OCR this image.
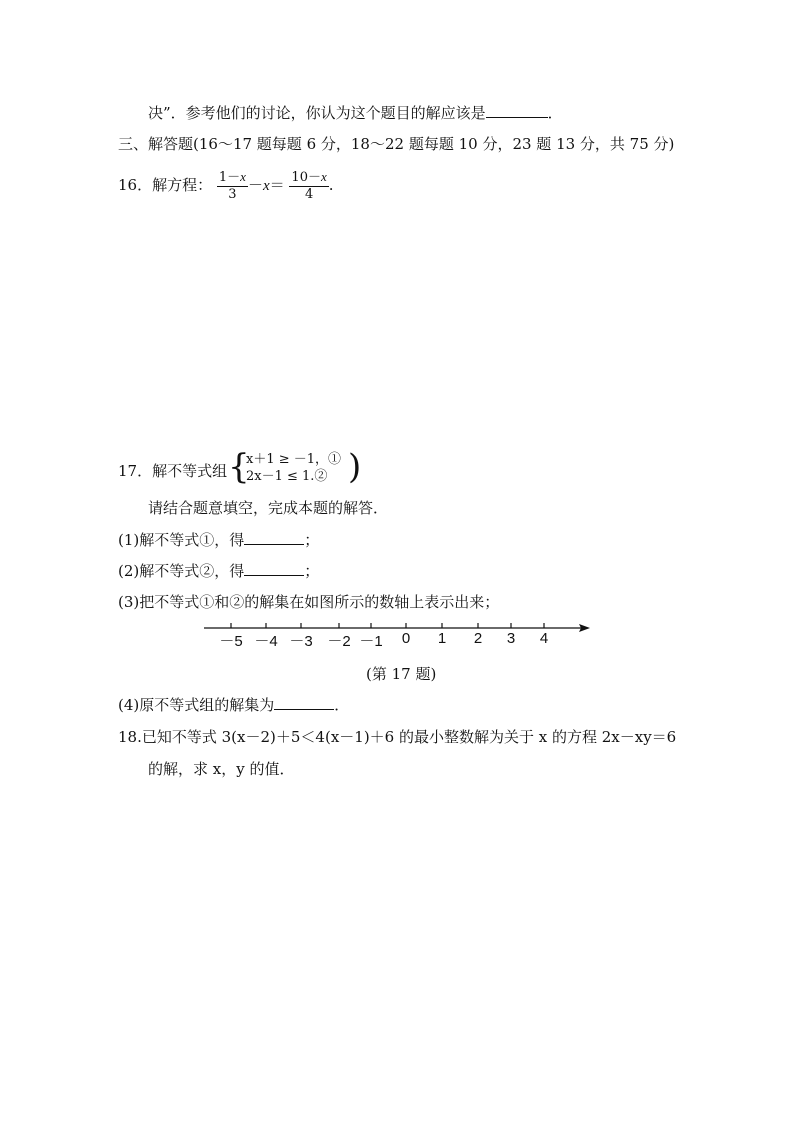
决”．参考他们的讨论，你认为这个题目的解应该是	．
三、解答题(16～17 题每题 6 分，18～22 题每题 10 分，23 题 13 分，共 75 分)
16．解方程： $\frac{1-x}{3} -x= \frac{10-x}{4}$ .
17．解不等式组 {
x＋1 ≥ －1，①
2x－1 ≤ 1.② )
请结合题意填空，完成本题的解答．
(1)解不等式①，得	；
(2)解不等式②，得	；
(3)把不等式①和②的解集在如图所示的数轴上表示出来；
－5 －4 －3 －2 －1 0 1 2 3 4
(第 17 题)
(4)原不等式组的解集为	．
18.已知不等式 3(x－2)＋5＜4(x－1)＋6 的最小整数解为关于 x 的方程 2x－xy＝6
的解，求 x，y 的值．
